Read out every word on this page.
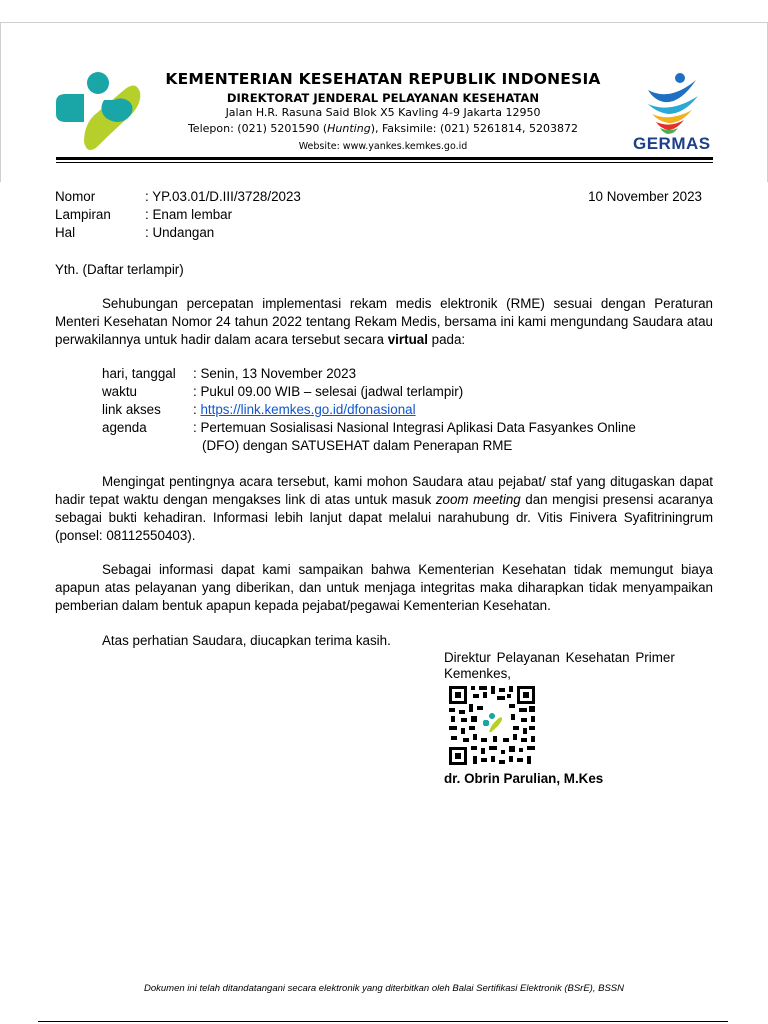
KEMENTERIAN KESEHATAN REPUBLIK INDONESIA
DIREKTORAT JENDERAL PELAYANAN KESEHATAN
Jalan H.R. Rasuna Said Blok X5 Kavling 4-9 Jakarta 12950
Telepon: (021) 5201590 (Hunting), Faksimile: (021) 5261814, 5203872
Website: www.yankes.kemkes.go.id	GERMAS
Nomor	: YP.03.01/D.III/3728/2023	10 November 2023
Lampiran	: Enam lembar
Hal	: Undangan
Yth. (Daftar terlampir)
Sehubungan percepatan implementasi rekam medis elektronik (RME) sesuai dengan Peraturan Menteri Kesehatan Nomor 24 tahun 2022 tentang Rekam Medis, bersama ini kami mengundang Saudara atau perwakilannya untuk hadir dalam acara tersebut secara virtual pada:
hari, tanggal : Senin, 13 November 2023
waktu	: Pukul 09.00 WIB – selesai (jadwal terlampir)
link akses : https://link.kemkes.go.id/dfonasional
agenda	: Pertemuan Sosialisasi Nasional Integrasi Aplikasi Data Fasyankes Online
(DFO) dengan SATUSEHAT dalam Penerapan RME
Mengingat pentingnya acara tersebut, kami mohon Saudara atau pejabat/ staf yang ditugaskan dapat hadir tepat waktu dengan mengakses link di atas untuk masuk zoom meeting dan mengisi presensi acaranya sebagai bukti kehadiran. Informasi lebih lanjut dapat melalui narahubung dr. Vitis Finivera Syafitriningrum (ponsel: 08112550403).
Sebagai informasi dapat kami sampaikan bahwa Kementerian Kesehatan tidak memungut biaya apapun atas pelayanan yang diberikan, dan untuk menjaga integritas maka diharapkan tidak menyampaikan pemberian dalam bentuk apapun kepada pejabat/pegawai Kementerian Kesehatan.
Atas perhatian Saudara, diucapkan terima kasih.
Direktur Pelayanan Kesehatan Primer
Kemenkes,
dr. Obrin Parulian, M.Kes
Dokumen ini telah ditandatangani secara elektronik yang diterbitkan oleh Balai Sertifikasi Elektronik (BSrE), BSSN
